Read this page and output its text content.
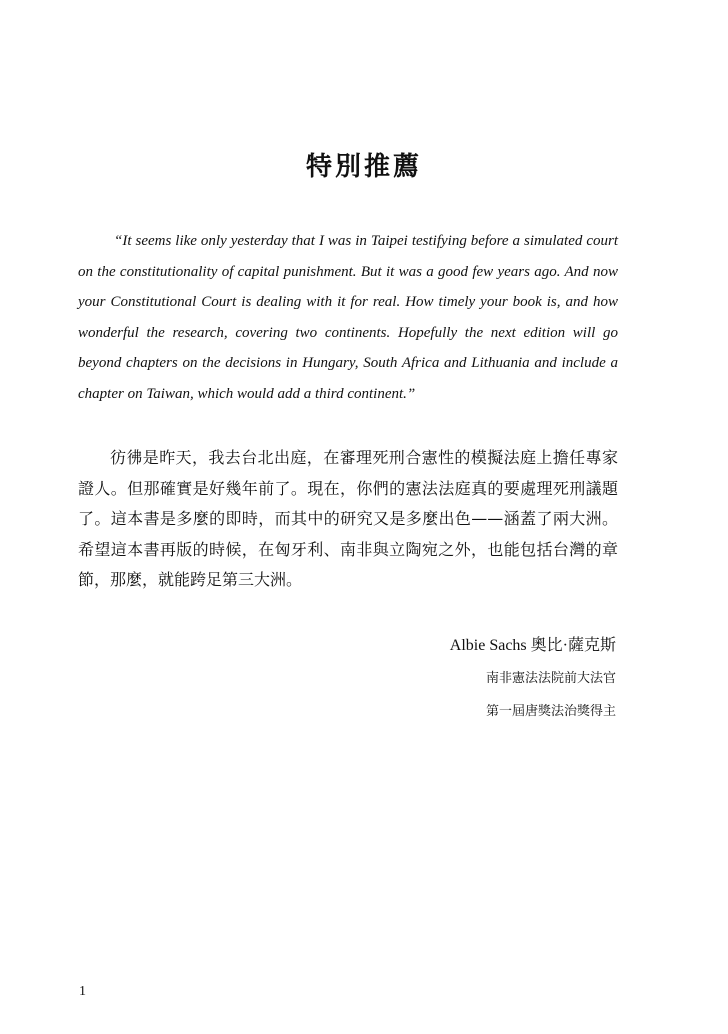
特別推薦

“It seems like only yesterday that I was in Taipei testifying before a simulated court on the constitutionality of capital punishment. But it was a good few years ago. And now your Constitutional Court is dealing with it for real. How timely your book is, and how wonderful the research, covering two continents. Hopefully the next edition will go beyond chapters on the decisions in Hungary, South Africa and Lithuania and include a chapter on Taiwan, which would add a third continent.”

彷彿是昨天，我去台北出庭，在審理死刑合憲性的模擬法庭上擔任專家證人。但那確實是好幾年前了。現在，你們的憲法法庭真的要處理死刑議題了。這本書是多麼的即時，而其中的研究又是多麼出色——涵蓋了兩大洲。希望這本書再版的時候，在匈牙利、南非與立陶宛之外，也能包括台灣的章節，那麼，就能跨足第三大洲。

Albie Sachs 奧比·薩克斯
南非憲法法院前大法官
第一屆唐獎法治獎得主
1
